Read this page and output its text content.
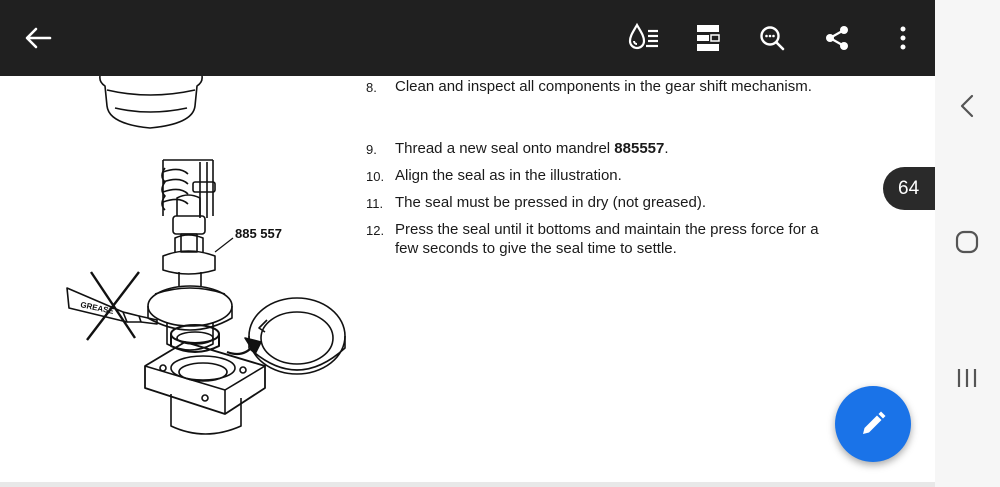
GREASE
885 557
8.	Clean and inspect all components in the gear shift mechanism.
9.	Thread a new seal onto mandrel 885557.
10. Align the seal as in the illustration.
11. The seal must be pressed in dry (not greased).
12. Press the seal until it bottoms and maintain the press force for a few seconds to give the seal time to settle.
64
